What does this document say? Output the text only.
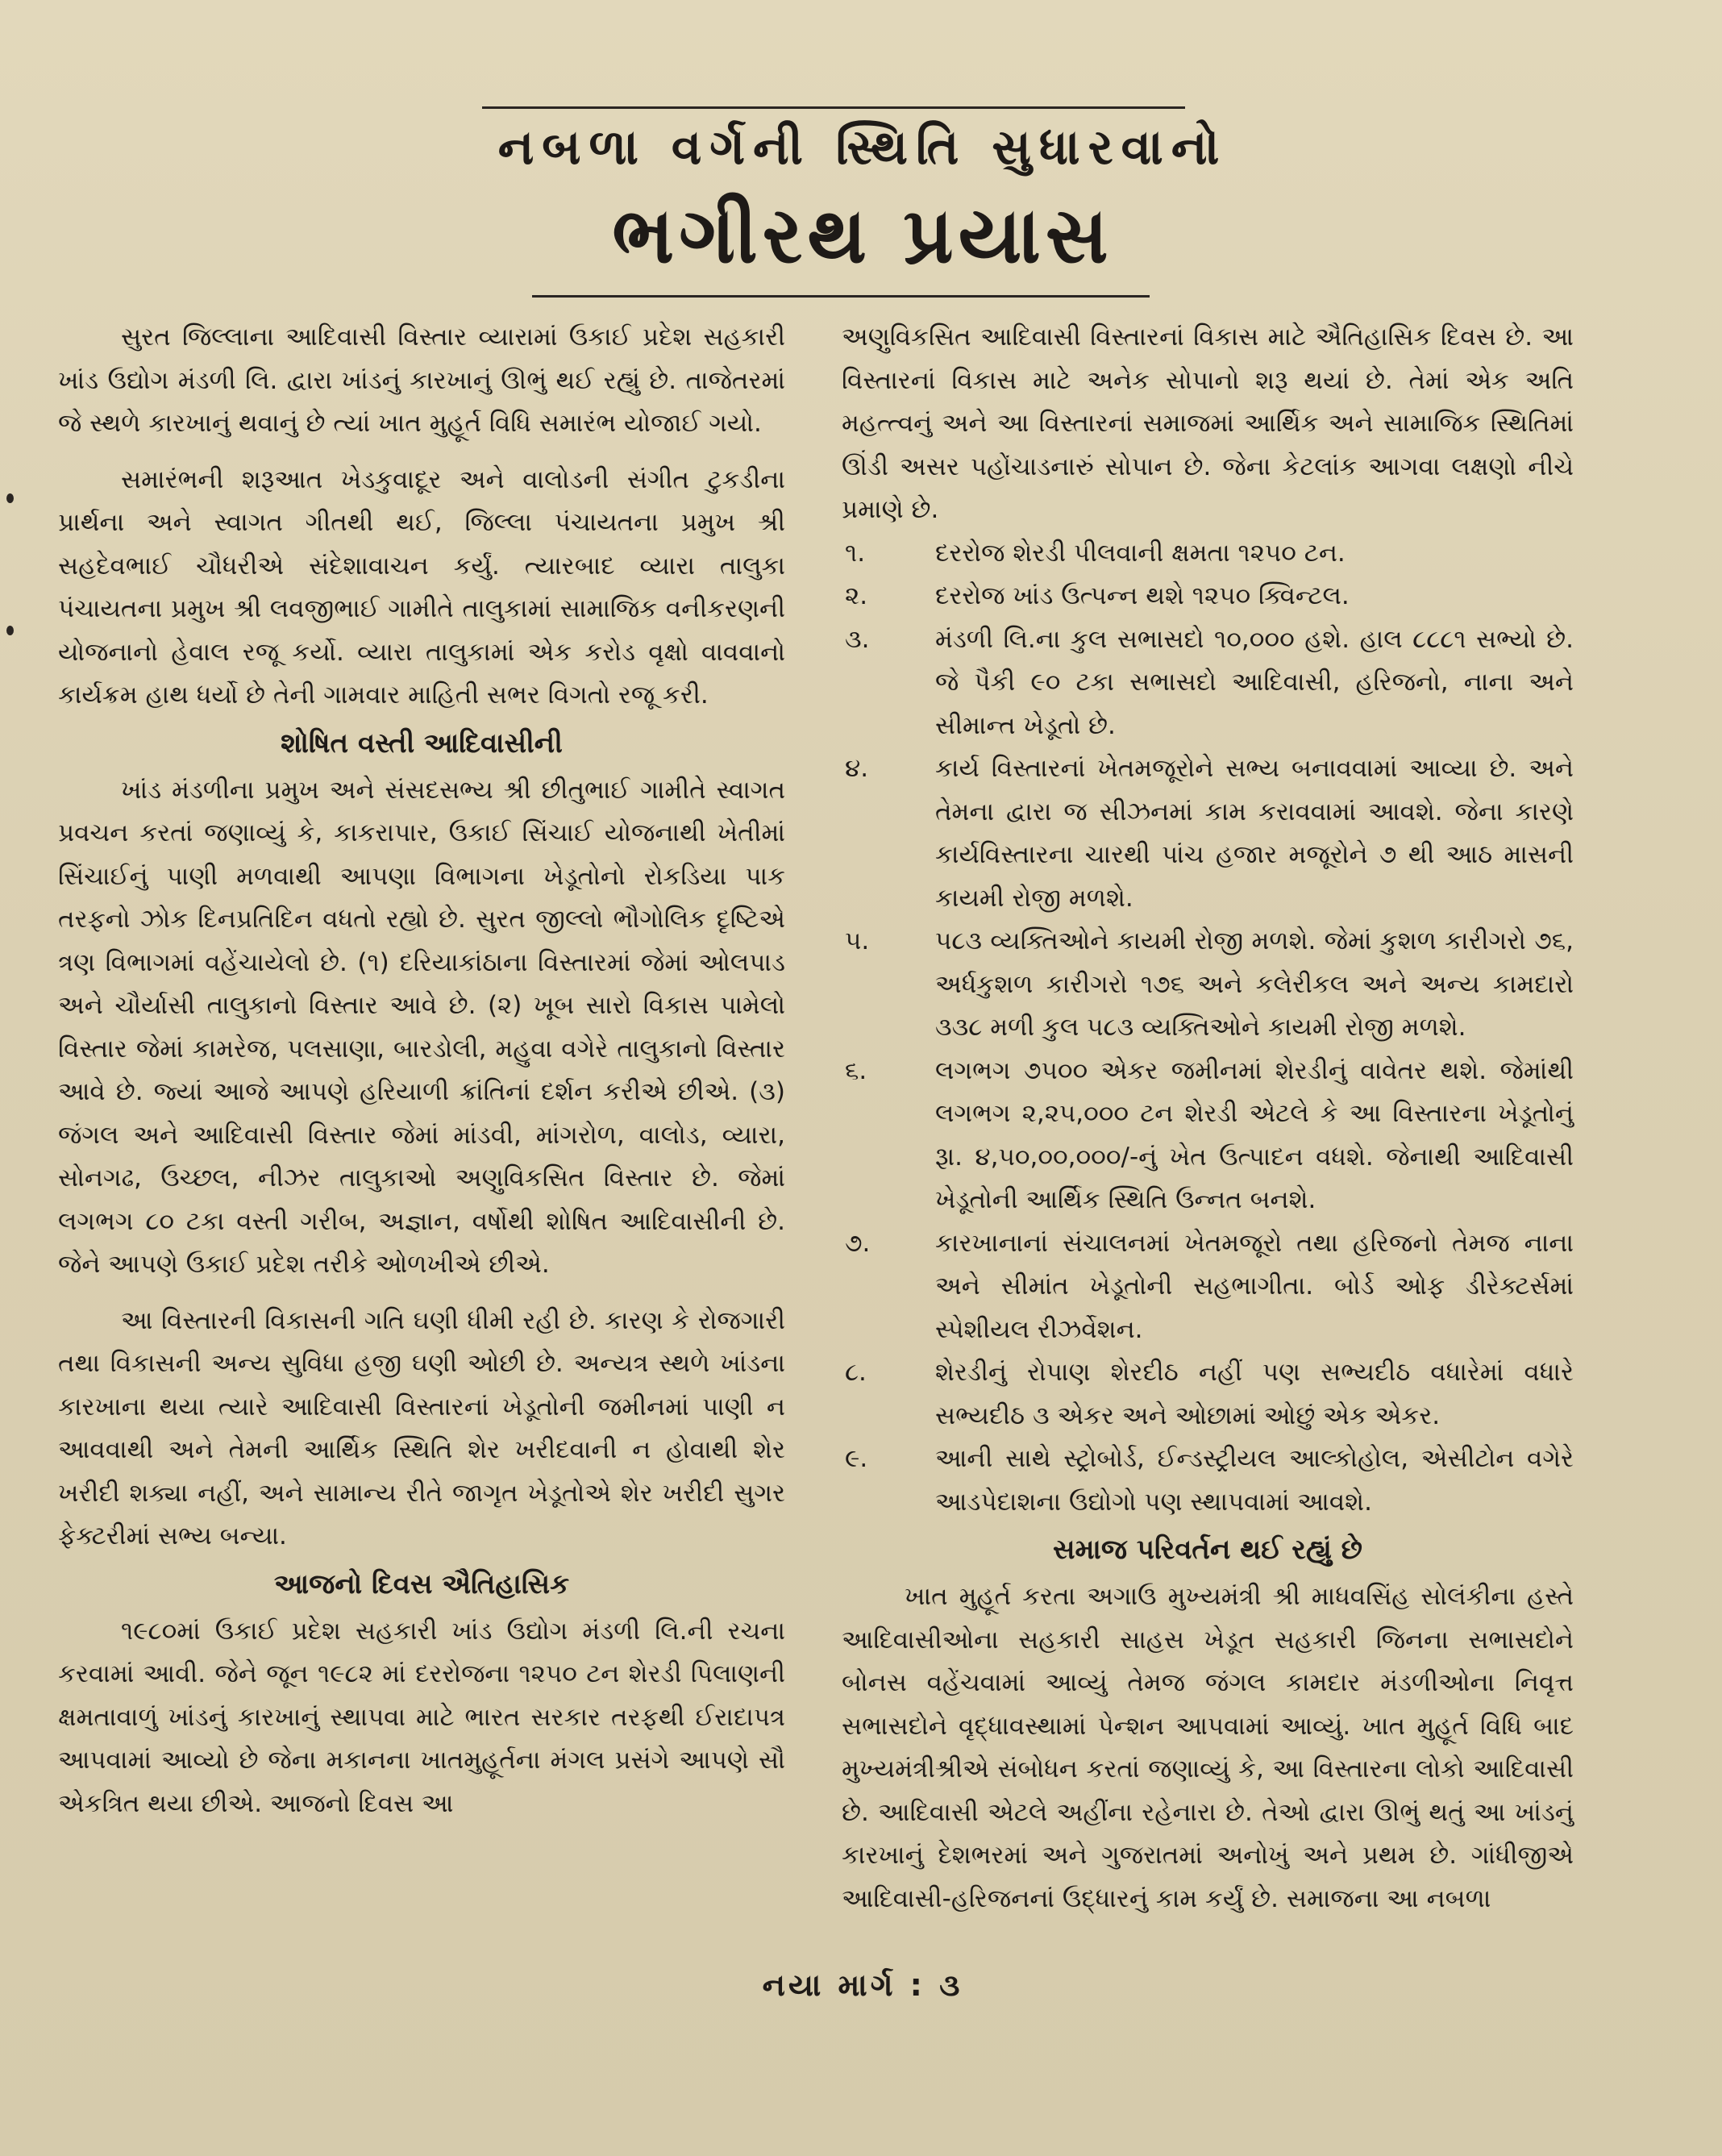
નબળા વર્ગની સ્થિતિ સુધારવાનો
ભગીરથ પ્રયાસ

સુરત જિલ્લાના આદિવાસી વિસ્તાર વ્યારામાં ઉકાઈ પ્રદેશ સહકારી ખાંડ ઉદ્યોગ મંડળી લિ. દ્વારા ખાંડનું કારખાનું ઊભું થઈ રહ્યું છે. તાજેતરમાં જે સ્થળે કારખાનું થવાનું છે ત્યાં ખાત મુહૂર્ત વિધિ સમારંભ યોજાઈ ગયો.

સમારંભની શરૂઆત ખેડકુવાદૂર અને વાલોડની સંગીત ટુકડીના પ્રાર્થના અને સ્વાગત ગીતથી થઈ, જિલ્લા પંચાયતના પ્રમુખ શ્રી સહદેવભાઈ ચૌધરીએ સંદેશાવાચન કર્યું. ત્યારબાદ વ્યારા તાલુકા પંચાયતના પ્રમુખ શ્રી લવજીભાઈ ગામીતે તાલુકામાં સામાજિક વનીકરણની યોજનાનો હેવાલ રજૂ કર્યો. વ્યારા તાલુકામાં એક કરોડ વૃક્ષો વાવવાનો કાર્યક્રમ હાથ ધર્યો છે તેની ગામવાર માહિતી સભર વિગતો રજૂ કરી.

શોષિત વસ્તી આદિવાસીની

ખાંડ મંડળીના પ્રમુખ અને સંસદસભ્ય શ્રી છીતુભાઈ ગામીતે સ્વાગત પ્રવચન કરતાં જણાવ્યું કે, કાકરાપાર, ઉકાઈ સિંચાઈ યોજનાથી ખેતીમાં સિંચાઈનું પાણી મળવાથી આપણા વિભાગના ખેડૂતોનો રોકડિયા પાક તરફનો ઝોક દિનપ્રતિદિન વધતો રહ્યો છે. સુરત જીલ્લો ભૌગોલિક દૃષ્ટિએ ત્રણ વિભાગમાં વહેંચાયેલો છે. (૧) દરિયાકાંઠાના વિસ્તારમાં જેમાં ઓલપાડ અને ચૌર્યાસી તાલુકાનો વિસ્તાર આવે છે. (૨) ખૂબ સારો વિકાસ પામેલો વિસ્તાર જેમાં કામરેજ, પલસાણા, બારડોલી, મહુવા વગેરે તાલુકાનો વિસ્તાર આવે છે. જ્યાં આજે આપણે હરિયાળી ક્રાંતિનાં દર્શન કરીએ છીએ. (૩) જંગલ અને આદિવાસી વિસ્તાર જેમાં માંડવી, માંગરોળ, વાલોડ, વ્યારા, સોનગઢ, ઉચ્છલ, નીઝર તાલુકાઓ અણુવિકસિત વિસ્તાર છે. જેમાં લગભગ ૮૦ ટકા વસ્તી ગરીબ, અજ્ઞાન, વર્ષોથી શોષિત આદિવાસીની છે. જેને આપણે ઉકાઈ પ્રદેશ તરીકે ઓળખીએ છીએ.

આ વિસ્તારની વિકાસની ગતિ ઘણી ધીમી રહી છે. કારણ કે રોજગારી તથા વિકાસની અન્ય સુવિધા હજી ઘણી ઓછી છે. અન્યત્ર સ્થળે ખાંડના કારખાના થયા ત્યારે આદિવાસી વિસ્તારનાં ખેડૂતોની જમીનમાં પાણી ન આવવાથી અને તેમની આર્થિક સ્થિતિ શેર ખરીદવાની ન હોવાથી શેર ખરીદી શક્યા નહીં, અને સામાન્ય રીતે જાગૃત ખેડૂતોએ શેર ખરીદી સુગર ફેક્ટરીમાં સભ્ય બન્યા.

આજનો દિવસ ઐતિહાસિક

૧૯૮૦માં ઉકાઈ પ્રદેશ સહકારી ખાંડ ઉદ્યોગ મંડળી લિ.ની રચના કરવામાં આવી. જેને જૂન ૧૯૮૨ માં દરરોજના ૧૨૫૦ ટન શેરડી પિલાણની ક્ષમતાવાળું ખાંડનું કારખાનું સ્થાપવા માટે ભારત સરકાર તરફથી ઈરાદાપત્ર આપવામાં આવ્યો છે જેના મકાનના ખાતમુહૂર્તના મંગલ પ્રસંગે આપણે સૌ એકત્રિત થયા છીએ. આજનો દિવસ આ

અણુવિકસિત આદિવાસી વિસ્તારનાં વિકાસ માટે ઐતિહાસિક દિવસ છે. આ વિસ્તારનાં વિકાસ માટે અનેક સોપાનો શરૂ થયાં છે. તેમાં એક અતિ મહત્ત્વનું અને આ વિસ્તારનાં સમાજમાં આર્થિક અને સામાજિક સ્થિતિમાં ઊંડી અસર પહોંચાડનારું સોપાન છે. જેના કેટલાંક આગવા લક્ષણો નીચે પ્રમાણે છે.

૧.	દરરોજ શેરડી પીલવાની ક્ષમતા ૧૨૫૦ ટન.
૨.	દરરોજ ખાંડ ઉત્પન્ન થશે ૧૨૫૦ ક્વિન્ટલ.
૩.	મંડળી લિ.ના કુલ સભાસદો ૧૦,૦૦૦ હશે. હાલ ૮૮૮૧ સભ્યો છે. જે પૈકી ૯૦ ટકા સભાસદો આદિવાસી, હરિજનો, નાના અને સીમાન્ત ખેડૂતો છે.
૪.	કાર્ય વિસ્તારનાં ખેતમજૂરોને સભ્ય બનાવવામાં આવ્યા છે. અને તેમના દ્વારા જ સીઝનમાં કામ કરાવવામાં આવશે. જેના કારણે કાર્યવિસ્તારના ચારથી પાંચ હજાર મજૂરોને ૭ થી આઠ માસની કાયમી રોજી મળશે.
૫.	૫૮૩ વ્યક્તિઓને કાયમી રોજી મળશે. જેમાં કુશળ કારીગરો ૭૬, અર્ધકુશળ કારીગરો ૧૭૬ અને કલેરીકલ અને અન્ય કામદારો ૩૩૮ મળી કુલ ૫૮૩ વ્યક્તિઓને કાયમી રોજી મળશે.
૬.	લગભગ ૭૫૦૦ એકર જમીનમાં શેરડીનું વાવેતર થશે. જેમાંથી લગભગ ૨,૨૫,૦૦૦ ટન શેરડી એટલે કે આ વિસ્તારના ખેડૂતોનું રૂા. ૪,૫૦,૦૦,૦૦૦/-નું ખેત ઉત્પાદન વધશે. જેનાથી આદિવાસી ખેડૂતોની આર્થિક સ્થિતિ ઉન્નત બનશે.
૭.	કારખાનાનાં સંચાલનમાં ખેતમજૂરો તથા હરિજનો તેમજ નાના અને સીમાંત ખેડૂતોની સહભાગીતા. બોર્ડ ઓફ ડીરેક્ટર્સમાં સ્પેશીયલ રીઝર્વેશન.
૮.	શેરડીનું રોપાણ શેરદીઠ નહીં પણ સભ્યદીઠ વધારેમાં વધારે સભ્યદીઠ ૩ એકર અને ઓછામાં ઓછું એક એકર.
૯.	આની સાથે સ્ટ્રોબોર્ડ, ઈન્ડસ્ટ્રીયલ આલ્કોહોલ, એસીટોન વગેરે આડપેદાશના ઉદ્યોગો પણ સ્થાપવામાં આવશે.
સમાજ પરિવર્તન થઈ રહ્યું છે

ખાત મુહૂર્ત કરતા અગાઉ મુખ્યમંત્રી શ્રી માધવસિંહ સોલંકીના હસ્તે આદિવાસીઓના સહકારી સાહસ ખેડૂત સહકારી જિનના સભાસદોને બોનસ વહેંચવામાં આવ્યું તેમજ જંગલ કામદાર મંડળીઓના નિવૃત્ત સભાસદોને વૃદ્ધાવસ્થામાં પેન્શન આપવામાં આવ્યું. ખાત મુહૂર્ત વિધિ બાદ મુખ્યમંત્રીશ્રીએ સંબોધન કરતાં જણાવ્યું કે, આ વિસ્તારના લોકો આદિવાસી છે. આદિવાસી એટલે અહીંના રહેનારા છે. તેઓ દ્વારા ઊભું થતું આ ખાંડનું કારખાનું દેશભરમાં અને ગુજરાતમાં અનોખું અને પ્રથમ છે. ગાંધીજીએ આદિવાસી-હરિજનનાં ઉદ્ધારનું કામ કર્યું છે. સમાજના આ નબળા

નયા માર્ગ : ૩
